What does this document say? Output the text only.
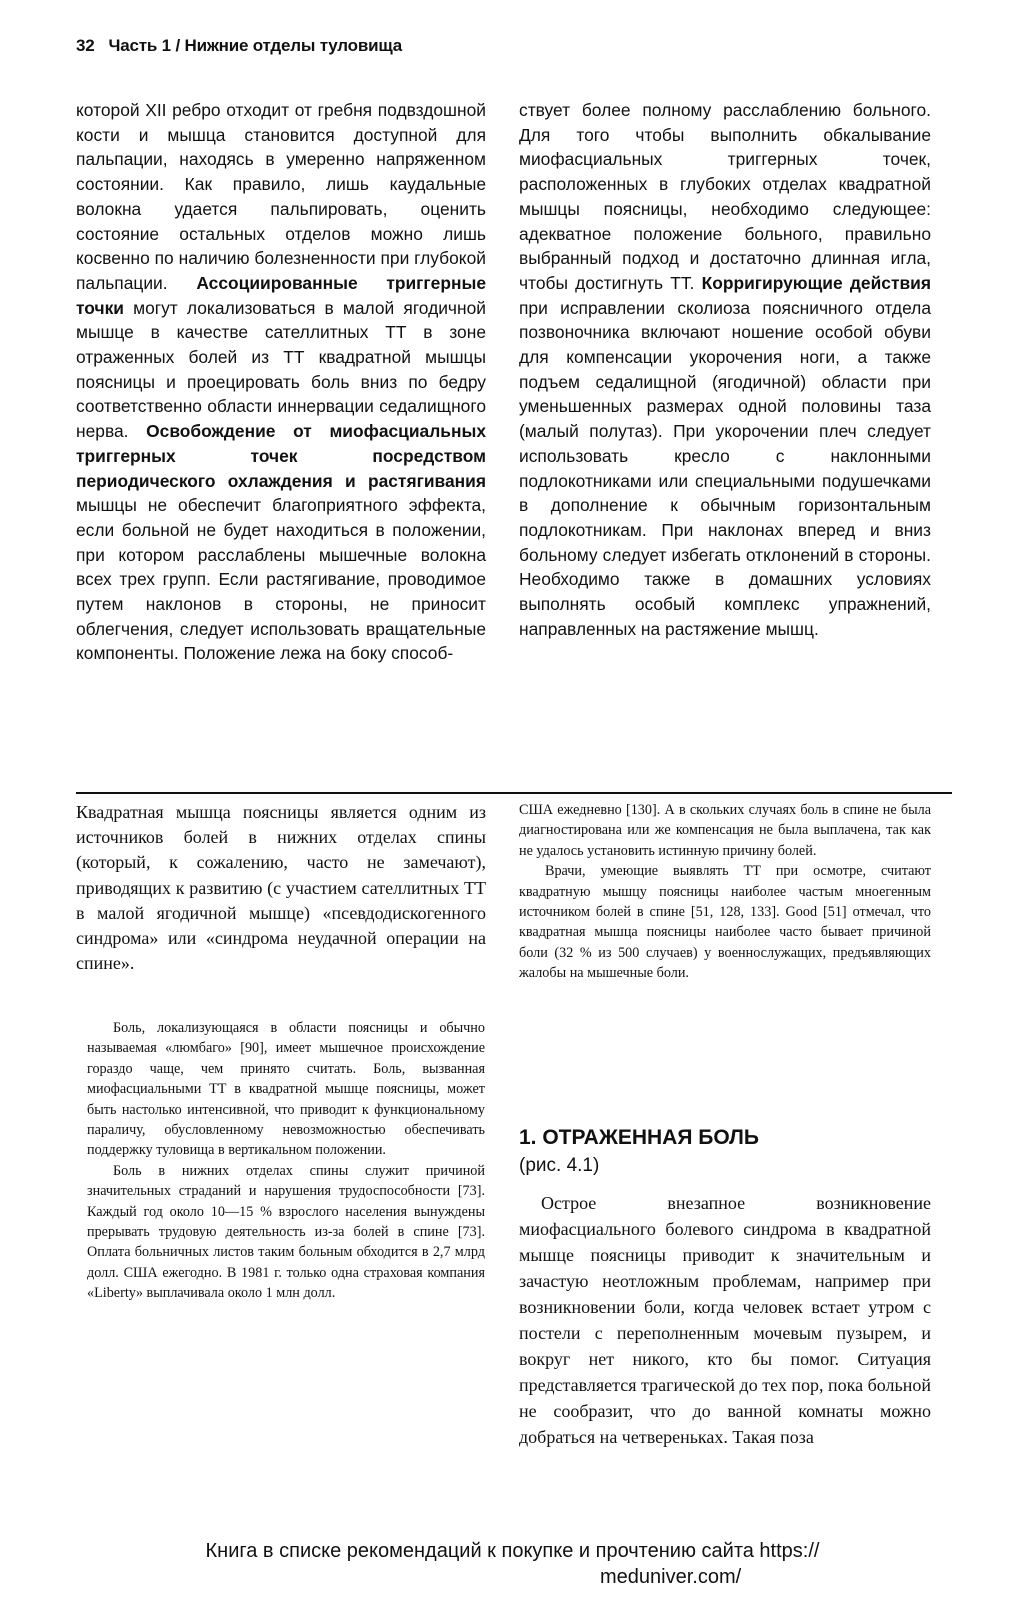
32 Часть 1 / Нижние отделы туловища

которой XII ребро отходит от гребня подвздошной кости и мышца становится доступной для пальпации, находясь в умеренно напряженном состоянии. Как правило, лишь каудальные волокна удается пальпировать, оценить состояние остальных отделов можно лишь косвенно по наличию болезненности при глубокой пальпации. Ассоциированные триггерные точки могут локализоваться в малой ягодичной мышце в качестве сателлитных ТТ в зоне отраженных болей из ТТ квадратной мышцы поясницы и проецировать боль вниз по бедру соответственно области иннервации седалищного нерва. Освобождение от миофасциальных триггерных точек посредством периодического охлаждения и растягивания мышцы не обеспечит благоприятного эффекта, если больной не будет находиться в положении, при котором расслаблены мышечные волокна всех трех групп. Если растягивание, проводимое путем наклонов в стороны, не приносит облегчения, следует использовать вращательные компоненты. Положение лежа на боку способ-

ствует более полному расслаблению больного. Для того чтобы выполнить обкалывание миофасциальных триггерных точек, расположенных в глубоких отделах квадратной мышцы поясницы, необходимо следующее: адекватное положение больного, правильно выбранный подход и достаточно длинная игла, чтобы достигнуть ТТ. Корригирующие действия при исправлении сколиоза поясничного отдела позвоночника включают ношение особой обуви для компенсации укорочения ноги, а также подъем седалищной (ягодичной) области при уменьшенных размерах одной половины таза (малый полутаз). При укорочении плеч следует использовать кресло с наклонными подлокотниками или специальными подушечками в дополнение к обычным горизонтальным подлокотникам. При наклонах вперед и вниз больному следует избегать отклонений в стороны. Необходимо также в домашних условиях выполнять особый комплекс упражнений, направленных на растяжение мышц.

Квадратная мышца поясницы является одним из источников болей в нижних отделах спины (который, к сожалению, часто не замечают), приводящих к развитию (с участием сателлитных ТТ в малой ягодичной мышце) «псевдодискогенного синдрома» или «синдрома неудачной операции на спине».

Боль, локализующаяся в области поясницы и обычно называемая «люмбаго» [90], имеет мышечное происхождение гораздо чаще, чем принято считать. Боль, вызванная миофасциальными ТТ в квадратной мышце поясницы, может быть настолько интенсивной, что приводит к функциональному параличу, обусловленному невозможностью обеспечивать поддержку туловища в вертикальном положении.

Боль в нижних отделах спины служит причиной значительных страданий и нарушения трудоспособности [73]. Каждый год около 10—15 % взрослого населения вынуждены прерывать трудовую деятельность из-за болей в спине [73]. Оплата больничных листов таким больным обходится в 2,7 млрд долл. США ежегодно. В 1981 г. только одна страховая компания «Liberty» выплачивала около 1 млн долл.

США ежедневно [130]. А в скольких случаях боль в спине не была диагностирована или же компенсация не была выплачена, так как не удалось установить истинную причину болей.

Врачи, умеющие выявлять ТТ при осмотре, считают квадратную мышцу поясницы наиболее частым мноегенным источником болей в спине [51, 128, 133]. Good [51] отмечал, что квадратная мышца поясницы наиболее часто бывает причиной боли (32 % из 500 случаев) у военнослужащих, предъявляющих жалобы на мышечные боли.

1. ОТРАЖЕННАЯ БОЛЬ
(рис. 4.1)

Острое внезапное возникновение миофасциального болевого синдрома в квадратной мышце поясницы приводит к значительным и зачастую неотложным проблемам, например при возникновении боли, когда человек встает утром с постели с переполненным мочевым пузырем, и вокруг нет никого, кто бы помог. Ситуация представляется трагической до тех пор, пока больной не сообразит, что до ванной комнаты можно добраться на четвереньках. Такая поза

Книга в списке рекомендаций к покупке и прочтению сайта https://
meduniver.com/
